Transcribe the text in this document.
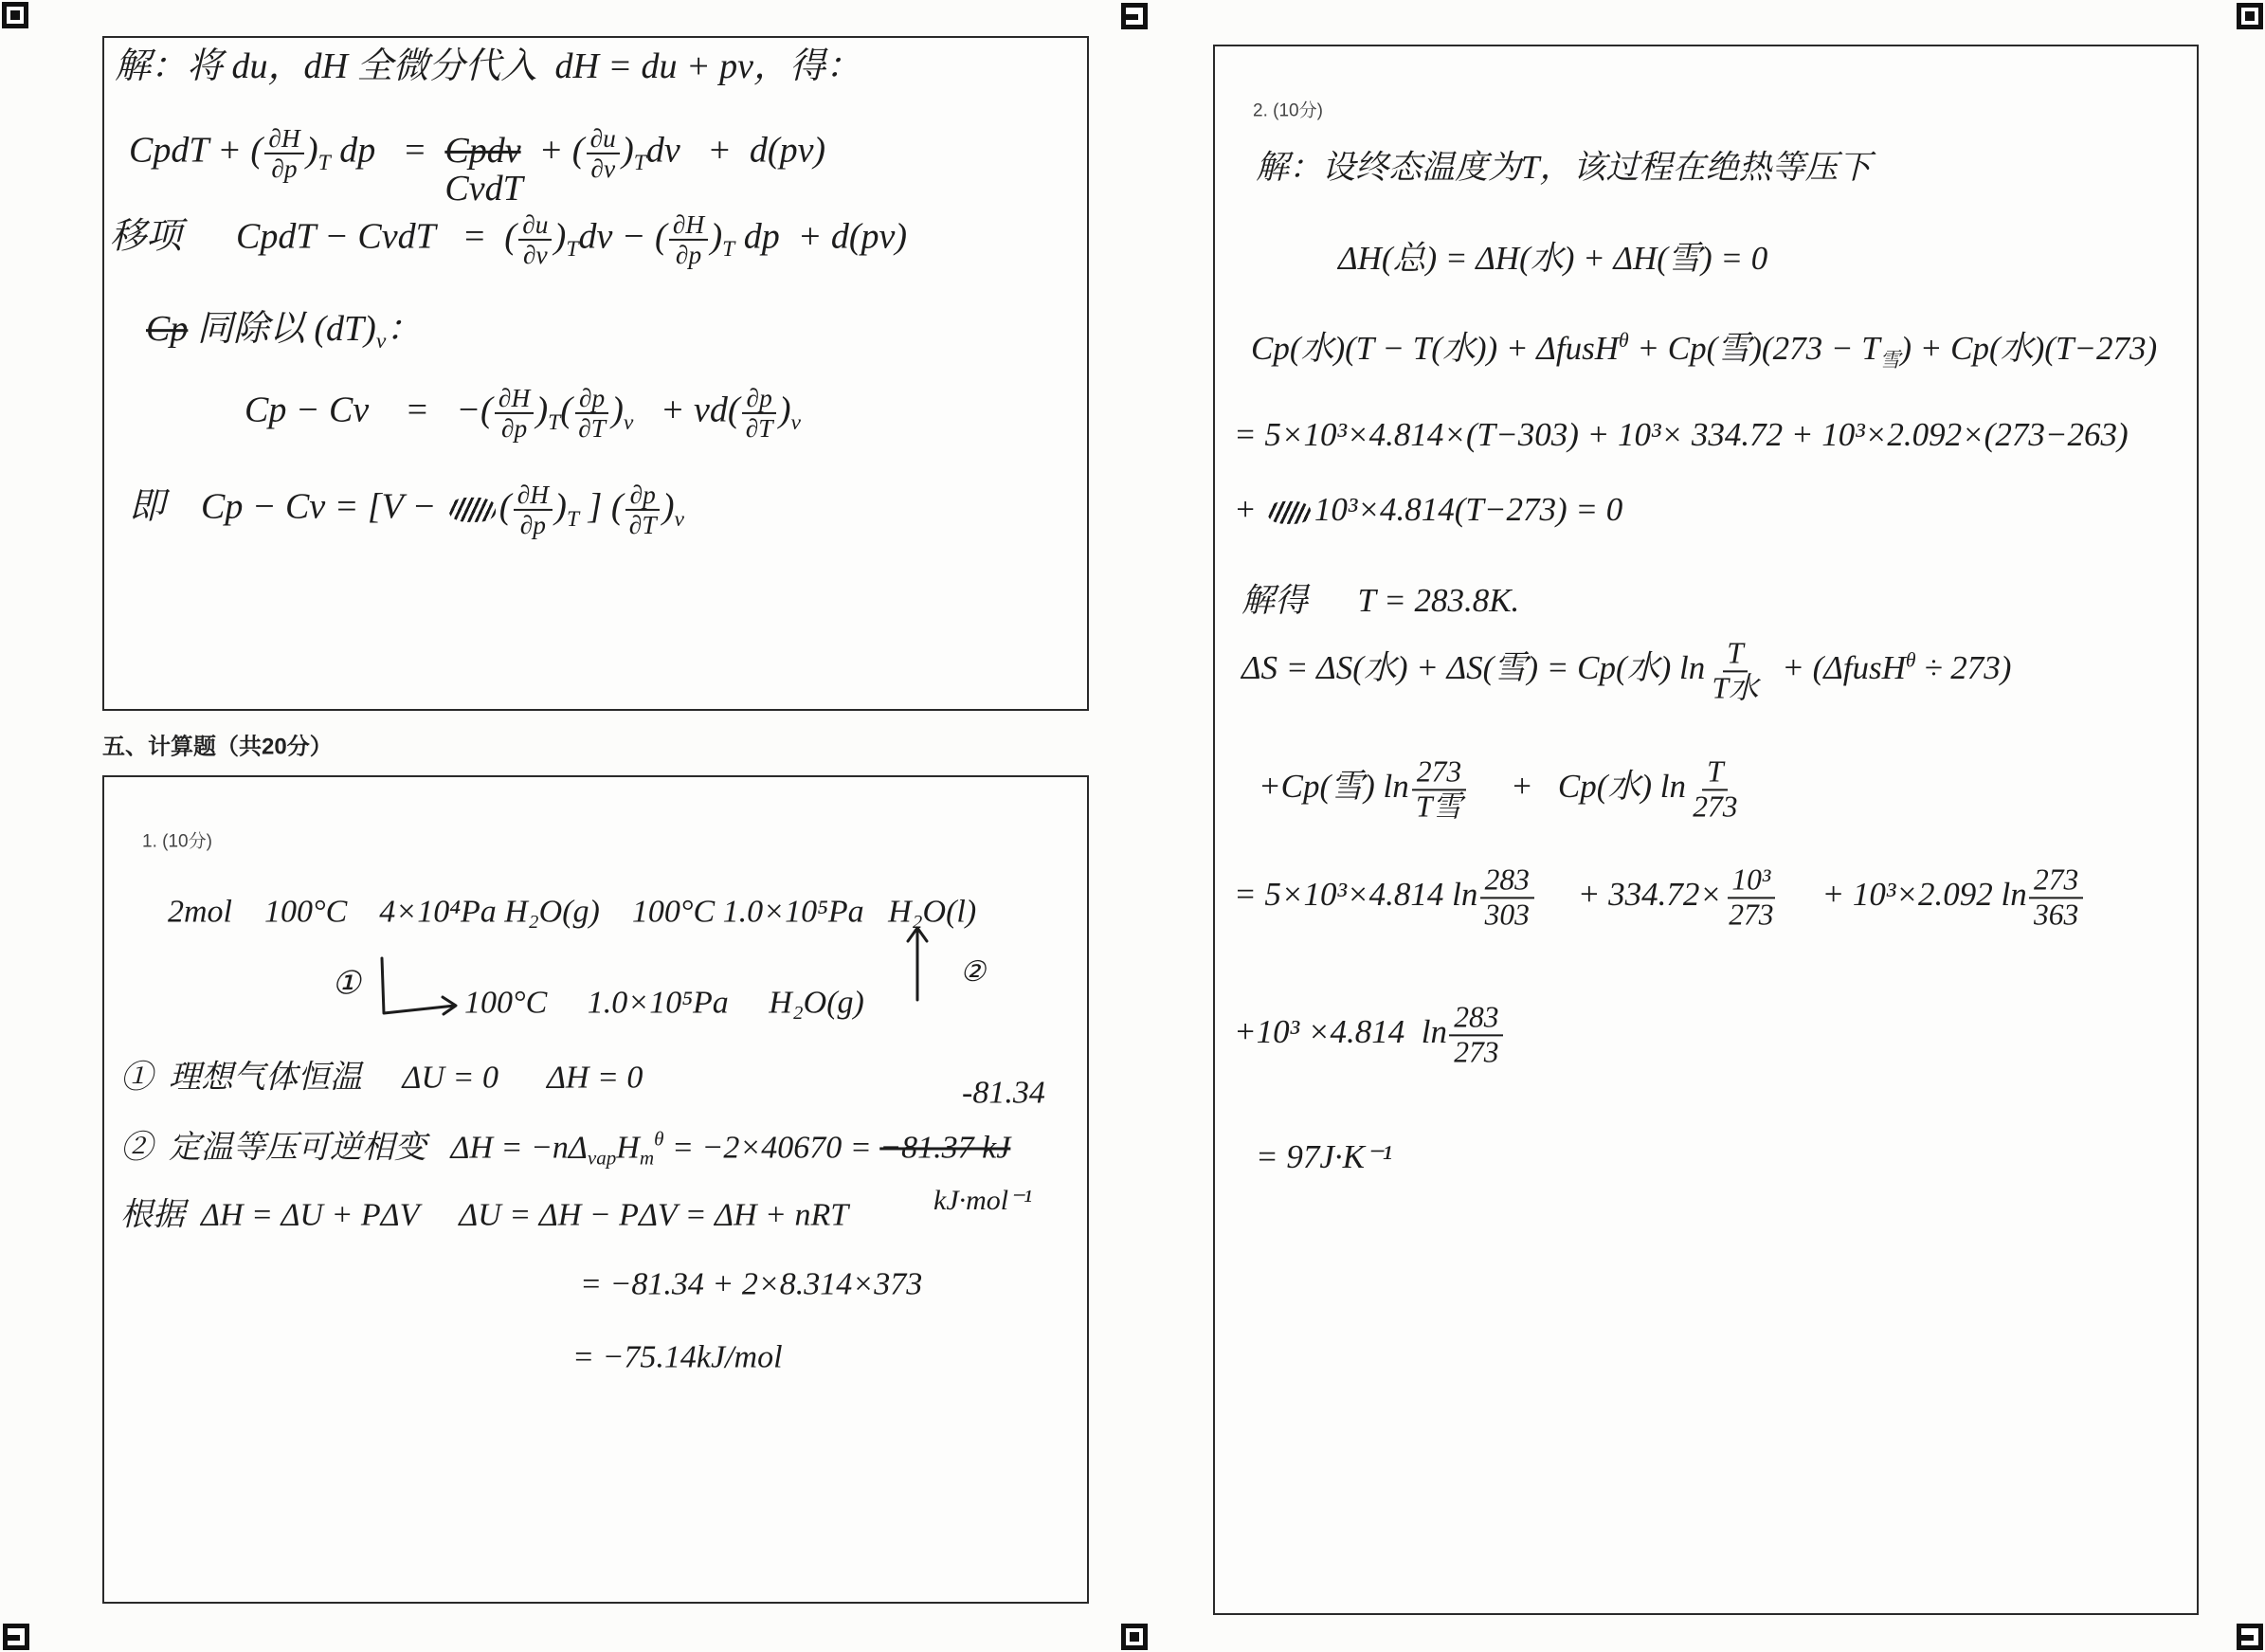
解：将 du，dH 全微分代入  dH = du + pv，得：
CpdT + ( $\frac{\partial H}{\partial p} )_T$ dp   =  Cpdv
CvdT
+ ( $\frac{\partial u}{\partial v} )_Tdv + d(pv)$
移项      CpdT − CvdT   =  ( $\frac{\partial u}{\partial v} )_Tdv$ − ( $\frac{\partial H}{\partial p} )_T$ dp  + d(pv)
Cp 同除以 $(dT)_v$：
Cp − Cv    =   −( $\frac{\partial H}{\partial p} )_T( \frac{\partial p}{\partial T} )_v + vd( \frac{\partial p}{\partial T} )_v$
即    Cp − Cv = [V − ( $\frac{\partial H}{\partial p} )_T$ ] ( $\frac{\partial p}{\partial T} )_v$
五、计算题（共20分）
1. (10分)
2mol    100°C    4×10⁴Pa H₂O(g)    100°C 1.0×10⁵Pa   H₂O(l)
①
100°C     1.0×10⁵Pa     H₂O(g)
②
①  理想气体恒温     ΔU = 0      ΔH = 0	-81.34
②  定温等压可逆相变   $\Delta H = -n\Delta_{vap}H_m^\theta = -2\times 40670 = -81.37$ kJ
kJ·mol⁻¹
根据  ΔH = ΔU + PΔV     ΔU = ΔH − PΔV = ΔH + nRT
= −81.34 + 2×8.314×373
= −75.14kJ/mol
2. (10分)
解：设终态温度为T，该过程在绝热等压下
ΔH(总) = ΔH(水) + ΔH(雪) = 0
Cp(水)(T − T(水)) + ΔfusH$^\theta$ + Cp(雪)$(273 - T_雪) + Cp$(水)(T−273)
= 5×10³×4.814×(T−303) + 10³× 334.72 + 10³×2.092×(273−263)
+ 10³×4.814(T−273) = 0
解得      T = 283.8K.
ΔS = ΔS(水) + ΔS(雪) = Cp(水) $\ln \frac{T}{\text{T水}}$ + (ΔfusH$^\theta$ ÷ 273)
+Cp(雪) $\ln \frac{273}{\text{T雪}} + Cp$(水) $\ln \frac{T}{273}$
= 5×10³×4.814 $\ln \frac{283}{303} + 334.72\times \frac{\text{10³}}{273} + 10^3\times 2.092$ $\ln \frac{273}{363}$
+10³ ×4.814  $\ln \frac{283}{273}$
= 97J·K⁻¹
